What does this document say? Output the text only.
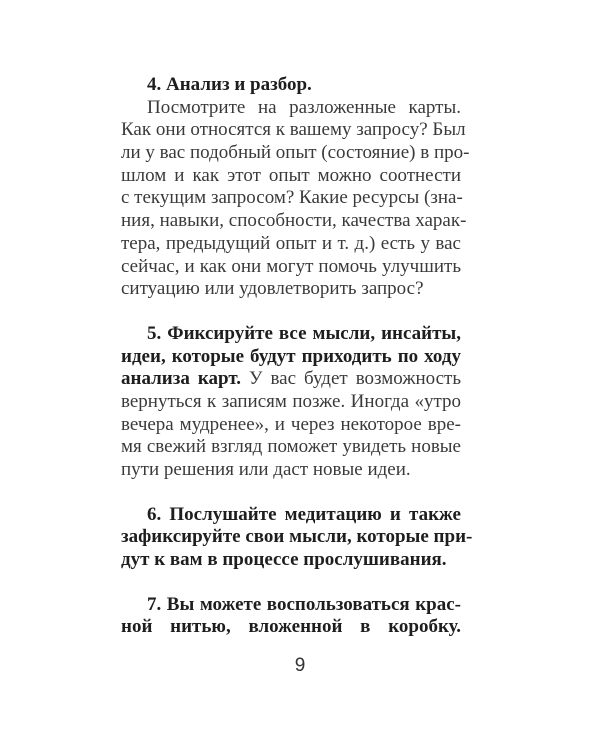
4. Анализ и разбор.
Посмотрите на разложенные карты.
Как они относятся к вашему запросу? Был
ли у вас подобный опыт (состояние) в про-
шлом и как этот опыт можно соотнести
с текущим запросом? Какие ресурсы (зна-
ния, навыки, способности, качества харак-
тера, предыдущий опыт и т. д.) есть у вас
сейчас, и как они могут помочь улучшить
ситуацию или удовлетворить запрос?
5. Фиксируйте все мысли, инсайты,
идеи, которые будут приходить по ходу
анализа карт. У вас будет возможность
вернуться к записям позже. Иногда «утро
вечера мудренее», и через некоторое вре-
мя свежий взгляд поможет увидеть новые
пути решения или даст новые идеи.
6. Послушайте медитацию и также
зафиксируйте свои мысли, которые при-
дут к вам в процессе прослушивания.
7. Вы можете воспользоваться крас-
ной нитью, вложенной в коробку.
9
